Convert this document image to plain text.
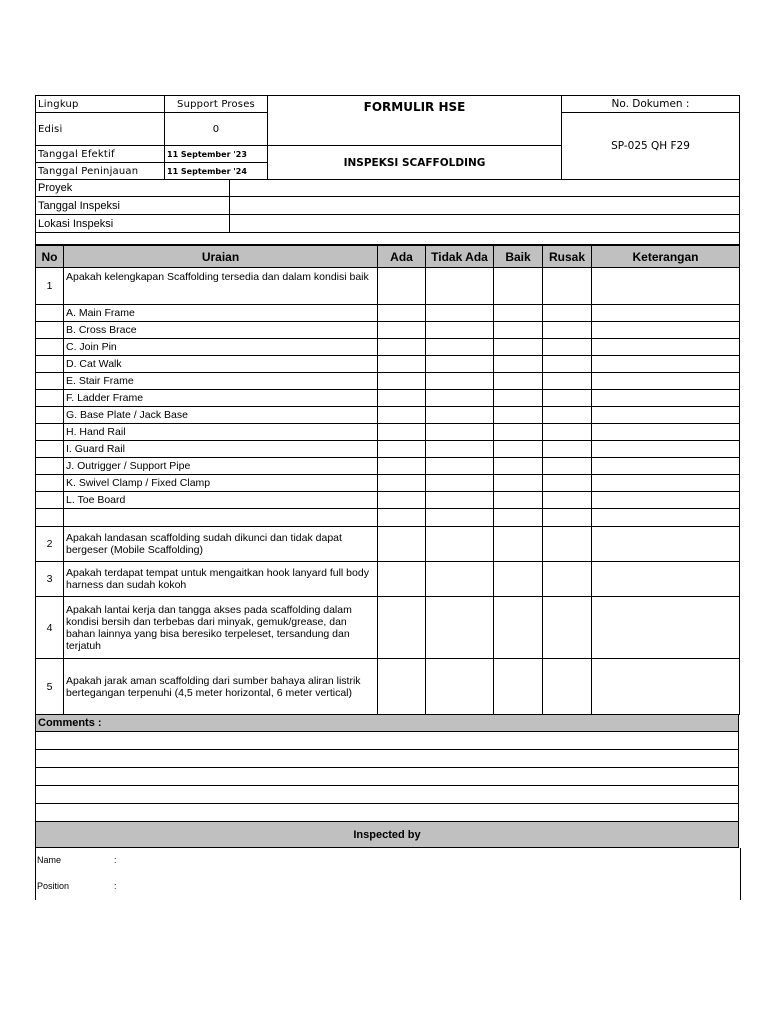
Lingkup	Support Proses	FORMULIR HSE	No. Dokumen :
Edisi	0		SP-025 QH F29
Tanggal Efektif	11 September '23	INSPEKSI SCAFFOLDING	
Tanggal Peninjauan	11 September '24		
Proyek	
Tanggal Inspeksi	
Lokasi Inspeksi	

No	Uraian	Ada	Tidak Ada	Baik	Rusak	Keterangan
1	Apakah kelengkapan Scaffolding tersedia dan dalam kondisi baik					
	A. Main Frame					
	B. Cross Brace					
	C. Join Pin					
	D. Cat Walk					
	E. Stair Frame					
	F. Ladder Frame					
	G. Base Plate / Jack Base					
	H. Hand Rail					
	I. Guard Rail					
	J. Outrigger / Support Pipe					
	K. Swivel Clamp / Fixed Clamp					
	L. Toe Board					

2	Apakah landasan scaffolding sudah dikunci dan tidak dapat bergeser (Mobile Scaffolding)					
3	Apakah terdapat tempat untuk mengaitkan hook lanyard full body harness dan sudah kokoh					
4	Apakah lantai kerja dan tangga akses pada scaffolding dalam kondisi bersih dan terbebas dari minyak, gemuk/grease, dan bahan lainnya yang bisa beresiko terpeleset, tersandung dan terjatuh					
5	Apakah jarak aman scaffolding dari sumber bahaya aliran listrik bertegangan terpenuhi (4,5 meter horizontal, 6 meter vertical)					
Comments :

Inspected by
Name	:
Position	:
